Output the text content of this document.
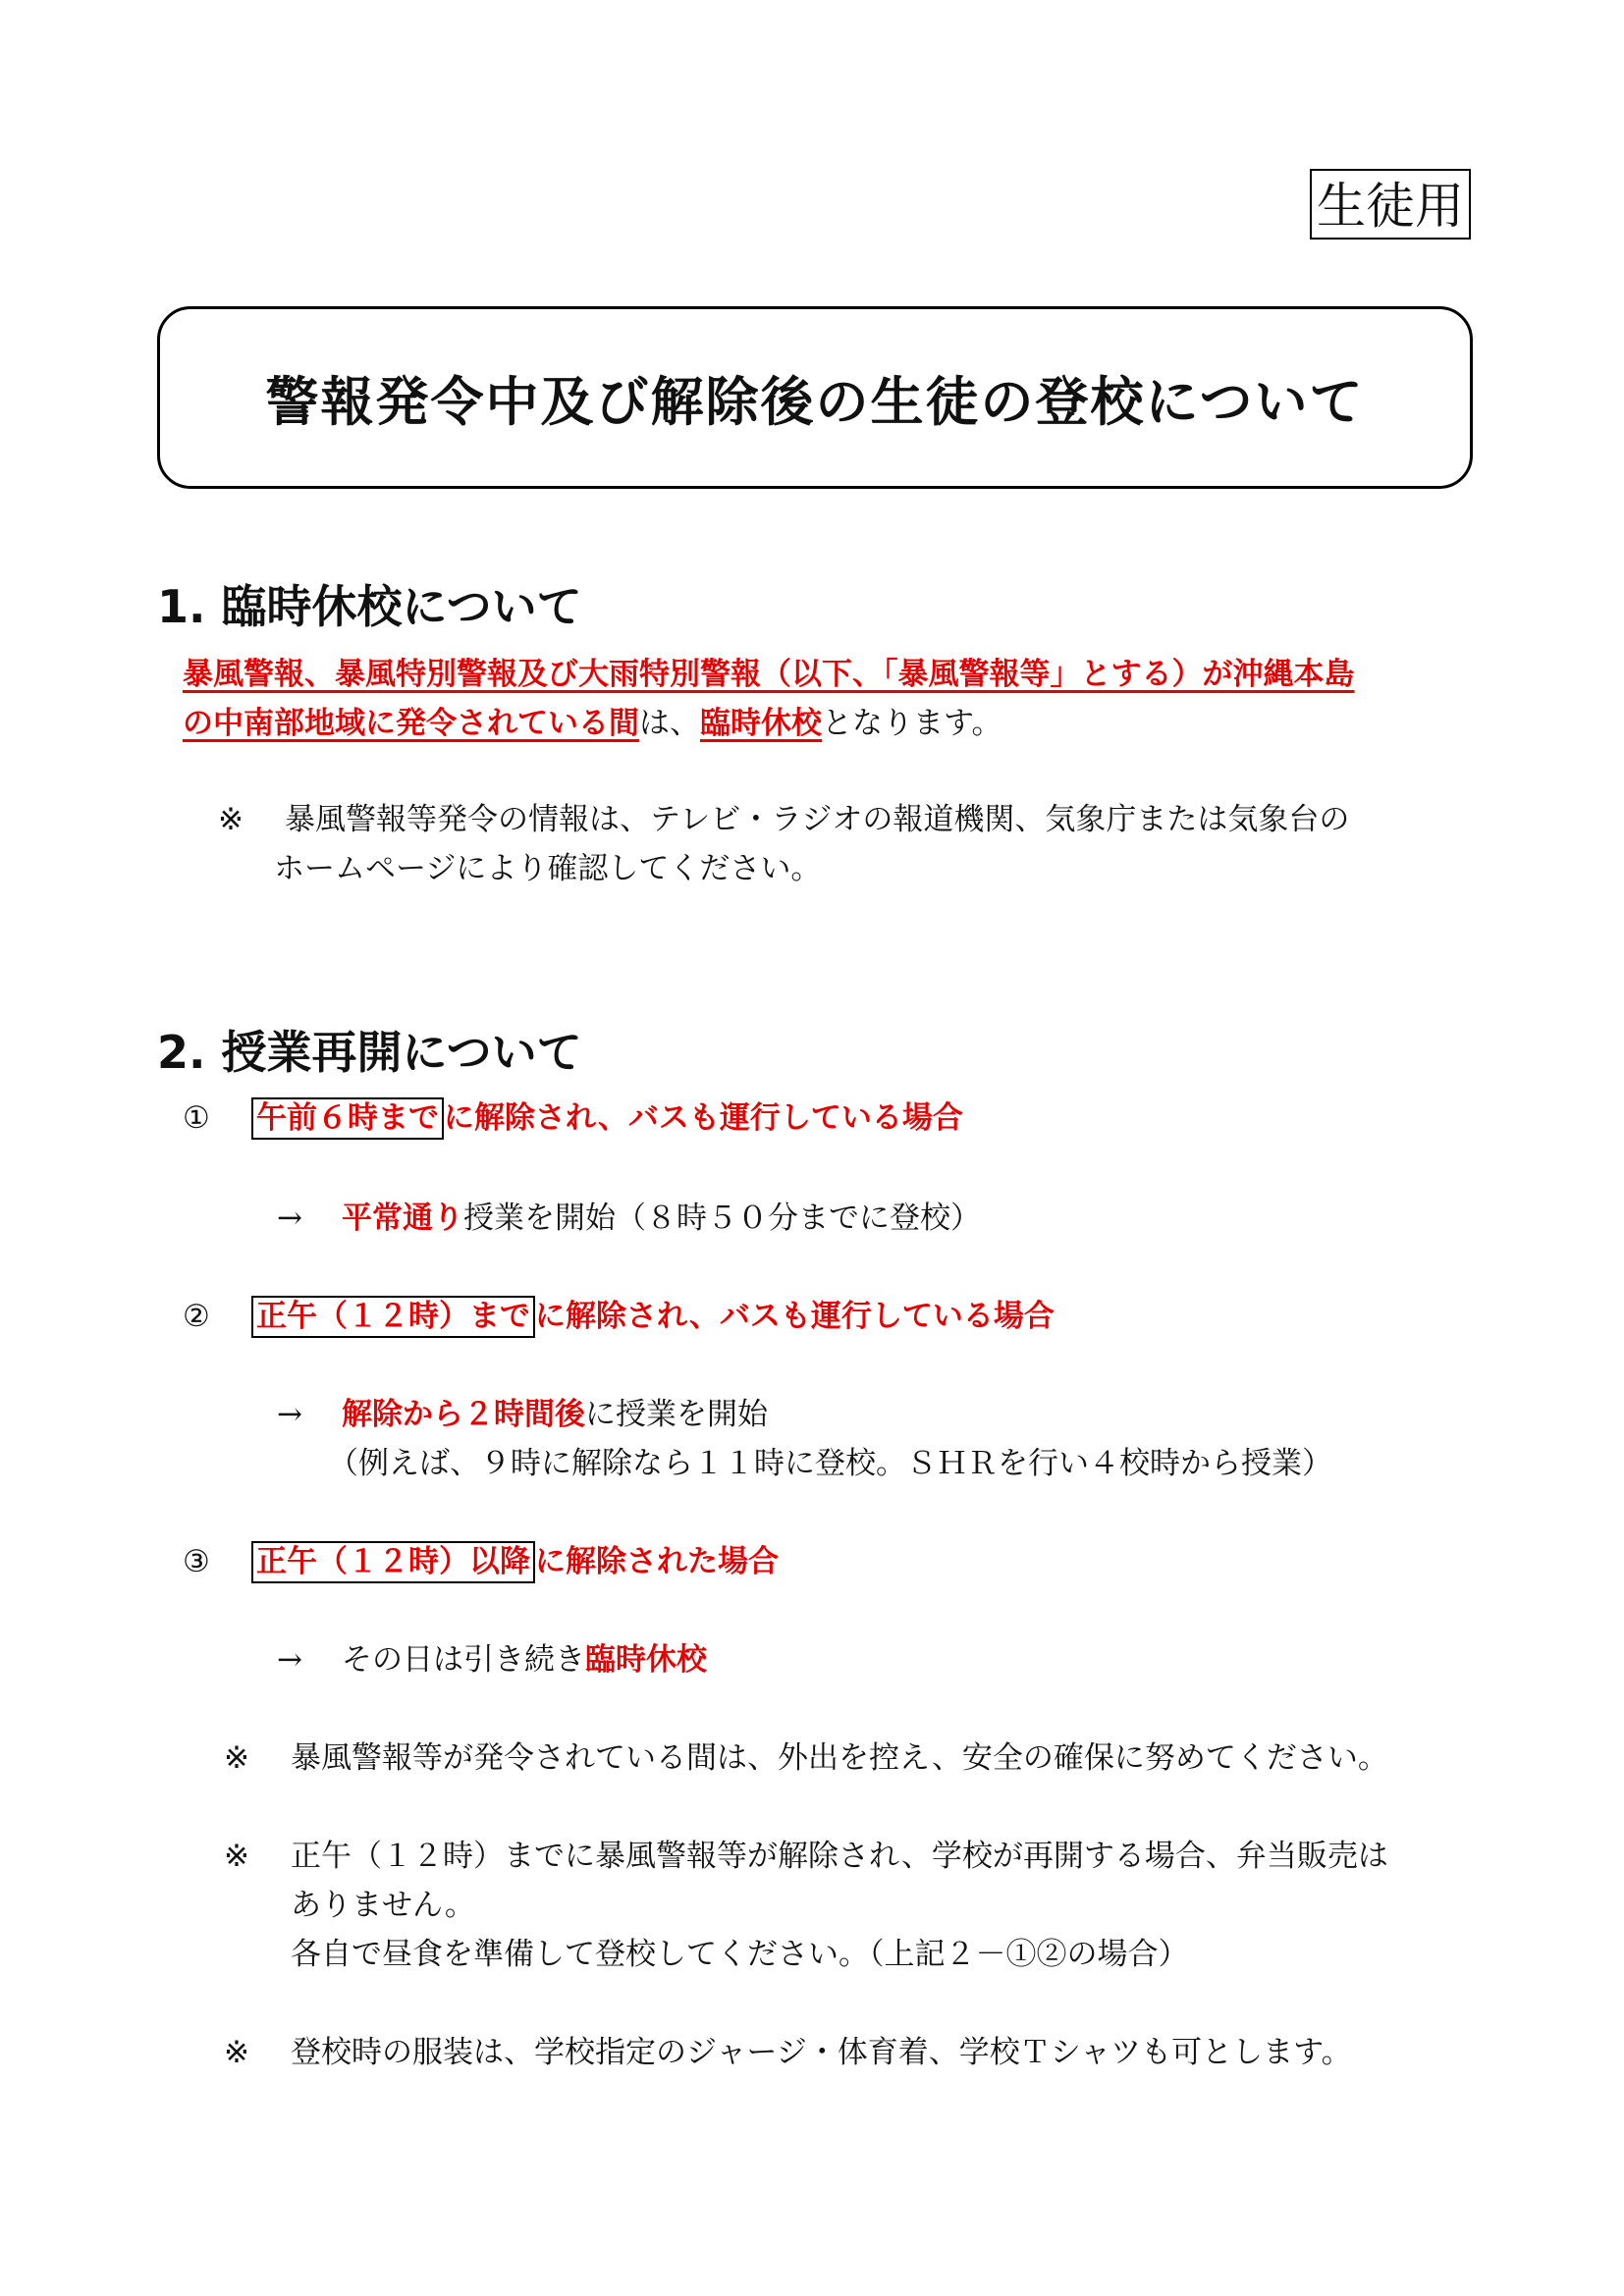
生徒用
警報発令中及び解除後の生徒の登校について
1. 臨時休校について
暴風警報、暴風特別警報及び大雨特別警報（以下、「暴風警報等」とする）が沖縄本島
の中南部地域に発令されている間は、臨時休校となります。
※ 暴風警報等発令の情報は、テレビ・ラジオの報道機関、気象庁または気象台の
ホームページにより確認してください。
2. 授業再開について
① 午前６時まで に解除され、バスも運行している場合
→ 平常通り授業を開始（８時５０分までに登校）
② 正午（１２時）まで に解除され、バスも運行している場合
→ 解除から２時間後に授業を開始
（例えば、９時に解除なら１１時に登校。ＳＨＲを行い４校時から授業）
③ 正午（１２時）以降 に解除された場合
→ その日は引き続き臨時休校
※ 暴風警報等が発令されている間は、外出を控え、安全の確保に努めてください。
※ 正午（１２時）までに暴風警報等が解除され、学校が再開する場合、弁当販売は
ありません。
各自で昼食を準備して登校してください。（上記２－①②の場合）
※ 登校時の服装は、学校指定のジャージ・体育着、学校Ｔシャツも可とします。
